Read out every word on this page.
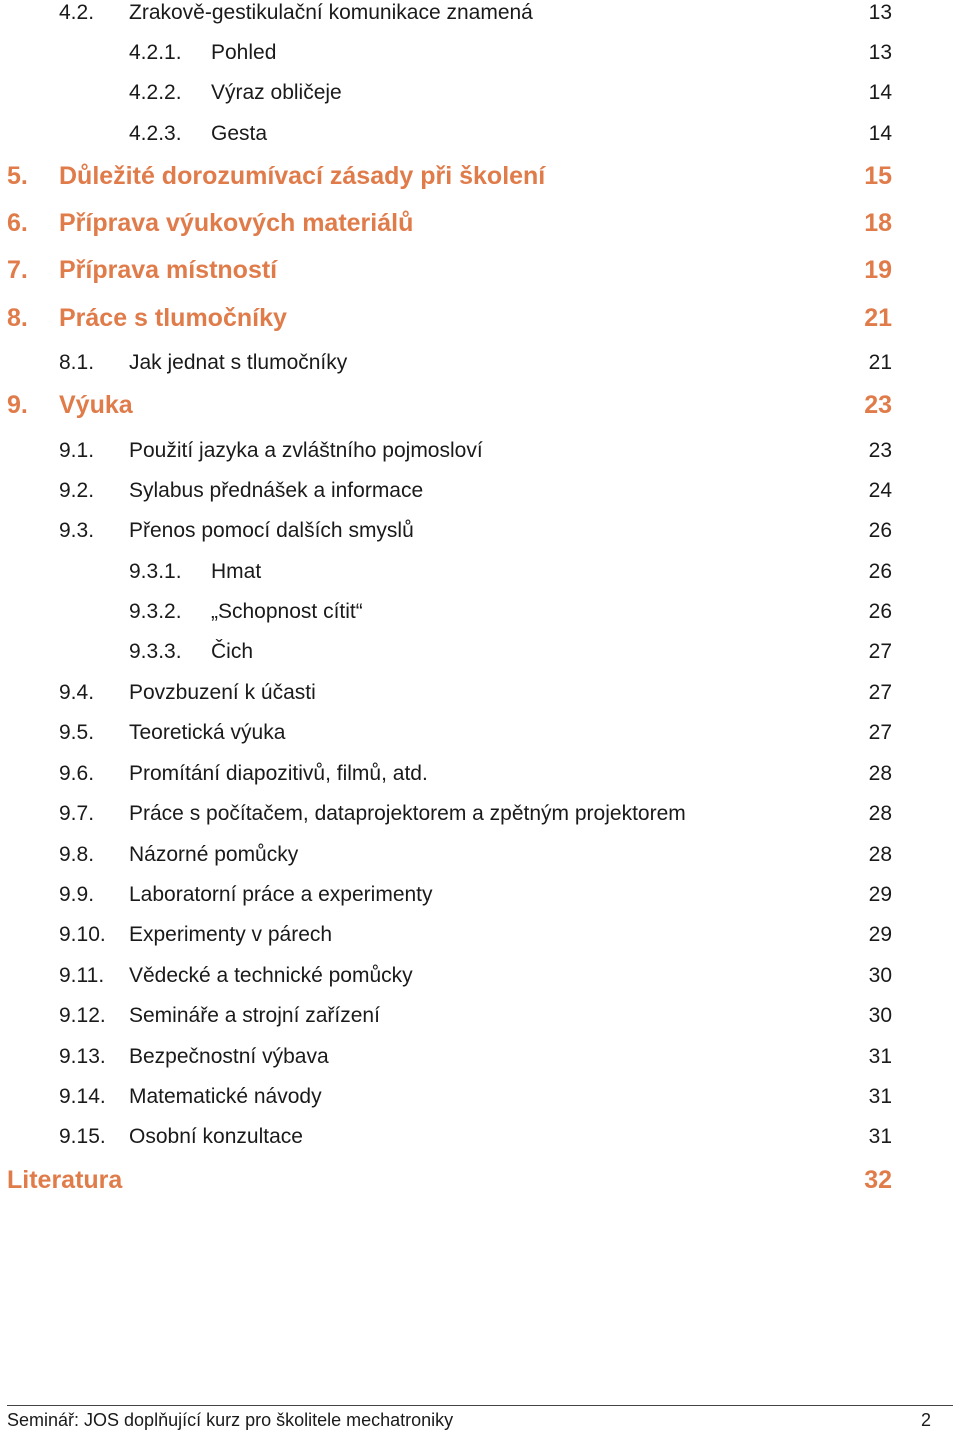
4.2. Zrakově-gestikulační komunikace znamená	13
4.2.1. Pohled	13
4.2.2. Výraz obličeje	14
4.2.3. Gesta	14
5. Důležité dorozumívací zásady při školení	15
6. Příprava výukových materiálů	18
7. Příprava místností	19
8. Práce s tlumočníky	21
8.1. Jak jednat s tlumočníky	21
9. Výuka	23
9.1. Použití jazyka a zvláštního pojmosloví	23
9.2. Sylabus přednášek a informace	24
9.3. Přenos pomocí dalších smyslů	26
9.3.1. Hmat	26
9.3.2. „Schopnost cítit“	26
9.3.3. Čich	27
9.4. Povzbuzení k účasti	27
9.5. Teoretická výuka	27
9.6. Promítání diapozitivů, filmů, atd.	28
9.7. Práce s počítačem, dataprojektorem a zpětným projektorem	28
9.8. Názorné pomůcky	28
9.9. Laboratorní práce a experimenty	29
9.10. Experimenty v párech	29
9.11. Vědecké a technické pomůcky	30
9.12. Semináře a strojní zařízení	30
9.13. Bezpečnostní výbava	31
9.14. Matematické návody	31
9.15. Osobní konzultace	31
Literatura	32
Seminář: JOS doplňující kurz pro školitele mechatroniky	2
